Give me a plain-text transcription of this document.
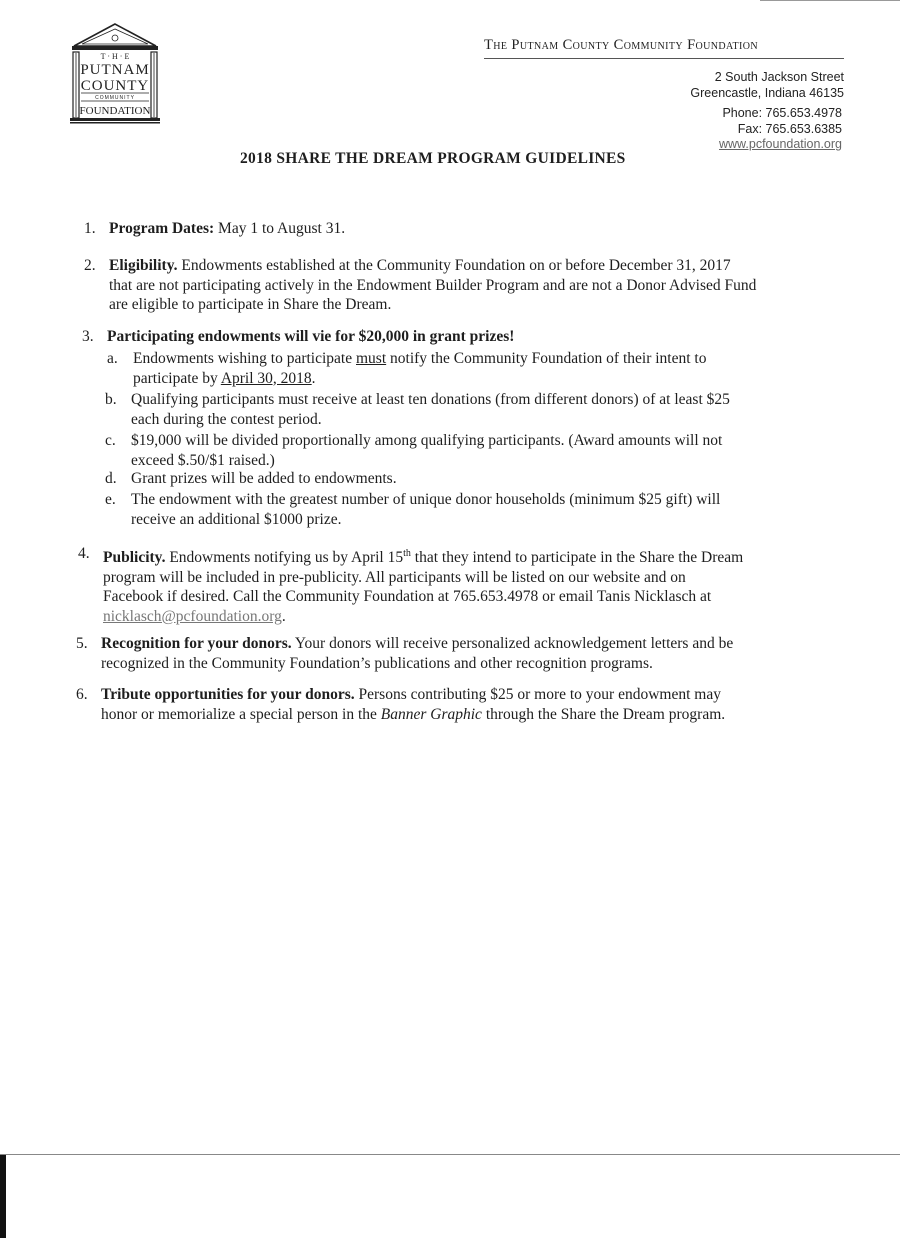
T · H · E
PUTNAM
COUNTY
COMMUNITY
FOUNDATION
The Putnam County Community Foundation
2 South Jackson Street
Greencastle, Indiana 46135
Phone: 765.653.4978
Fax: 765.653.6385
www.pcfoundation.org
2018 SHARE THE DREAM PROGRAM GUIDELINES
1. Program Dates: May 1 to August 31.
2. Eligibility. Endowments established at the Community Foundation on or before December 31, 2017
that are not participating actively in the Endowment Builder Program and are not a Donor Advised Fund
are eligible to participate in Share the Dream.
3. Participating endowments will vie for $20,000 in grant prizes!
a. Endowments wishing to participate must notify the Community Foundation of their intent to
participate by April 30, 2018.
b. Qualifying participants must receive at least ten donations (from different donors) of at least $25
each during the contest period.
c. $19,000 will be divided proportionally among qualifying participants. (Award amounts will not
exceed $.50/$1 raised.)
d. Grant prizes will be added to endowments.
e. The endowment with the greatest number of unique donor households (minimum $25 gift) will
receive an additional $1000 prize.
4. Publicity. Endowments notifying us by April 15th that they intend to participate in the Share the Dream
program will be included in pre-publicity. All participants will be listed on our website and on
Facebook if desired. Call the Community Foundation at 765.653.4978 or email Tanis Nicklasch at
nicklasch@pcfoundation.org.
5. Recognition for your donors. Your donors will receive personalized acknowledgement letters and be
recognized in the Community Foundation’s publications and other recognition programs.
6. Tribute opportunities for your donors. Persons contributing $25 or more to your endowment may
honor or memorialize a special person in the Banner Graphic through the Share the Dream program.
